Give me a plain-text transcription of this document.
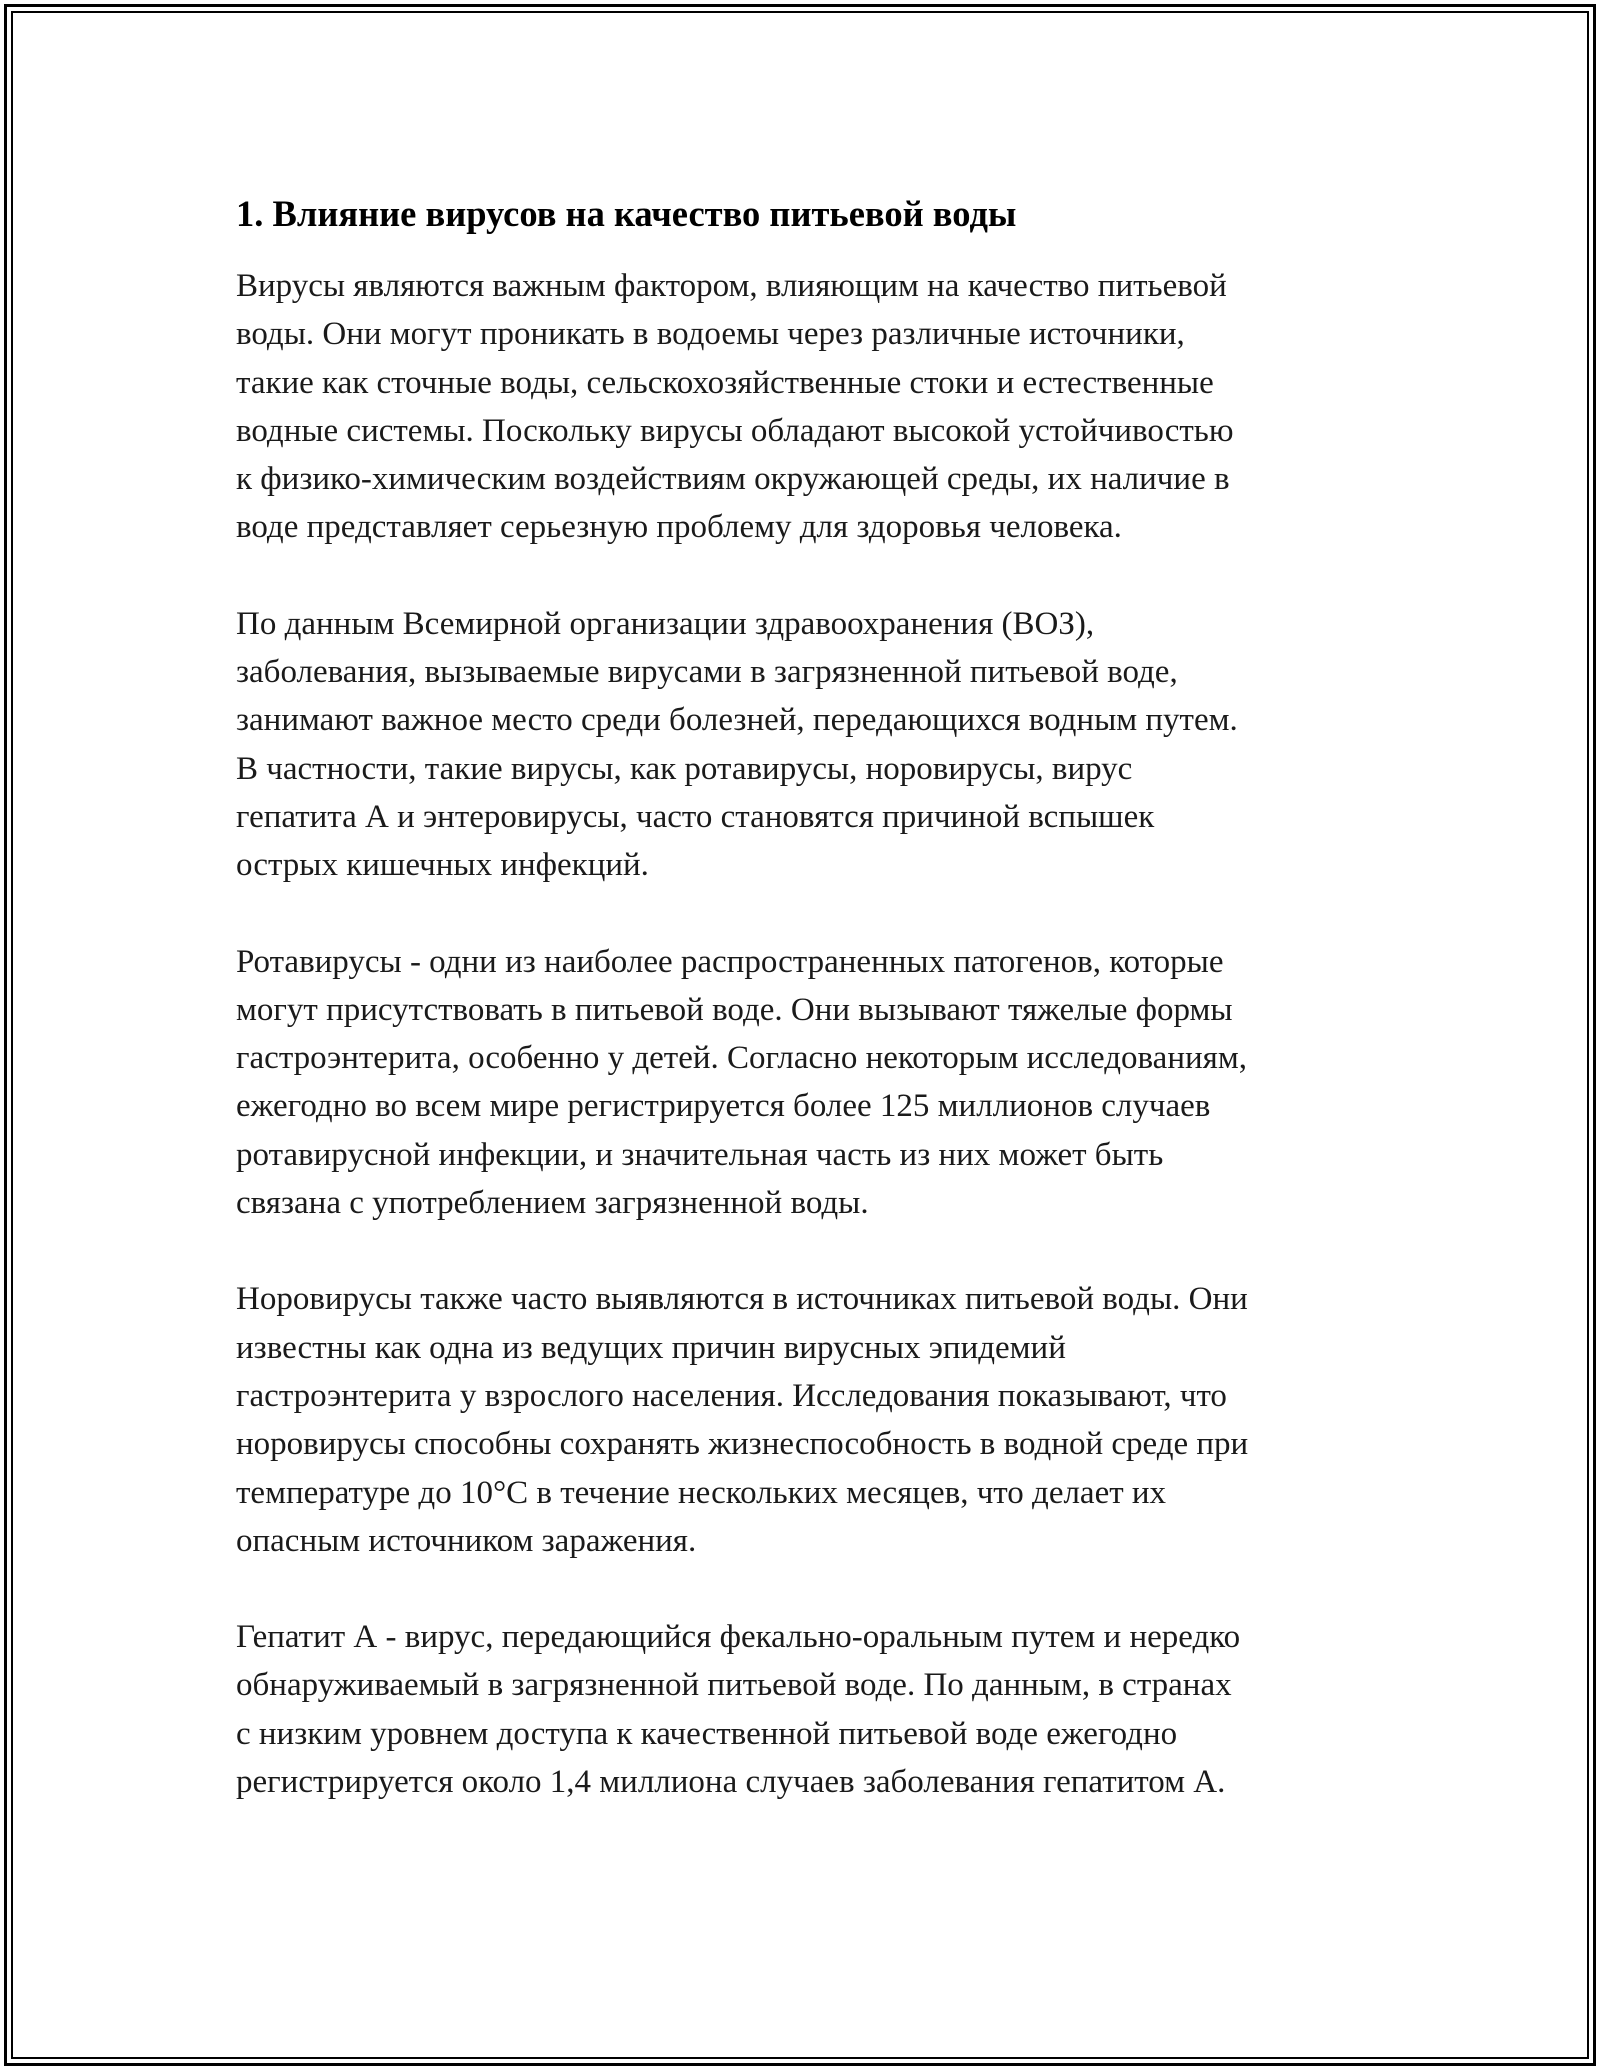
1. Влияние вирусов на качество питьевой воды
Вирусы являются важным фактором, влияющим на качество питьевой
воды. Они могут проникать в водоемы через различные источники,
такие как сточные воды, сельскохозяйственные стоки и естественные
водные системы. Поскольку вирусы обладают высокой устойчивостью
к физико-химическим воздействиям окружающей среды, их наличие в
воде представляет серьезную проблему для здоровья человека.
По данным Всемирной организации здравоохранения (ВОЗ),
заболевания, вызываемые вирусами в загрязненной питьевой воде,
занимают важное место среди болезней, передающихся водным путем.
В частности, такие вирусы, как ротавирусы, норовирусы, вирус
гепатита А и энтеровирусы, часто становятся причиной вспышек
острых кишечных инфекций.
Ротавирусы - одни из наиболее распространенных патогенов, которые
могут присутствовать в питьевой воде. Они вызывают тяжелые формы
гастроэнтерита, особенно у детей. Согласно некоторым исследованиям,
ежегодно во всем мире регистрируется более 125 миллионов случаев
ротавирусной инфекции, и значительная часть из них может быть
связана с употреблением загрязненной воды.
Норовирусы также часто выявляются в источниках питьевой воды. Они
известны как одна из ведущих причин вирусных эпидемий
гастроэнтерита у взрослого населения. Исследования показывают, что
норовирусы способны сохранять жизнеспособность в водной среде при
температуре до 10°C в течение нескольких месяцев, что делает их
опасным источником заражения.
Гепатит А - вирус, передающийся фекально-оральным путем и нередко
обнаруживаемый в загрязненной питьевой воде. По данным, в странах
с низким уровнем доступа к качественной питьевой воде ежегодно
регистрируется около 1,4 миллиона случаев заболевания гепатитом А.
